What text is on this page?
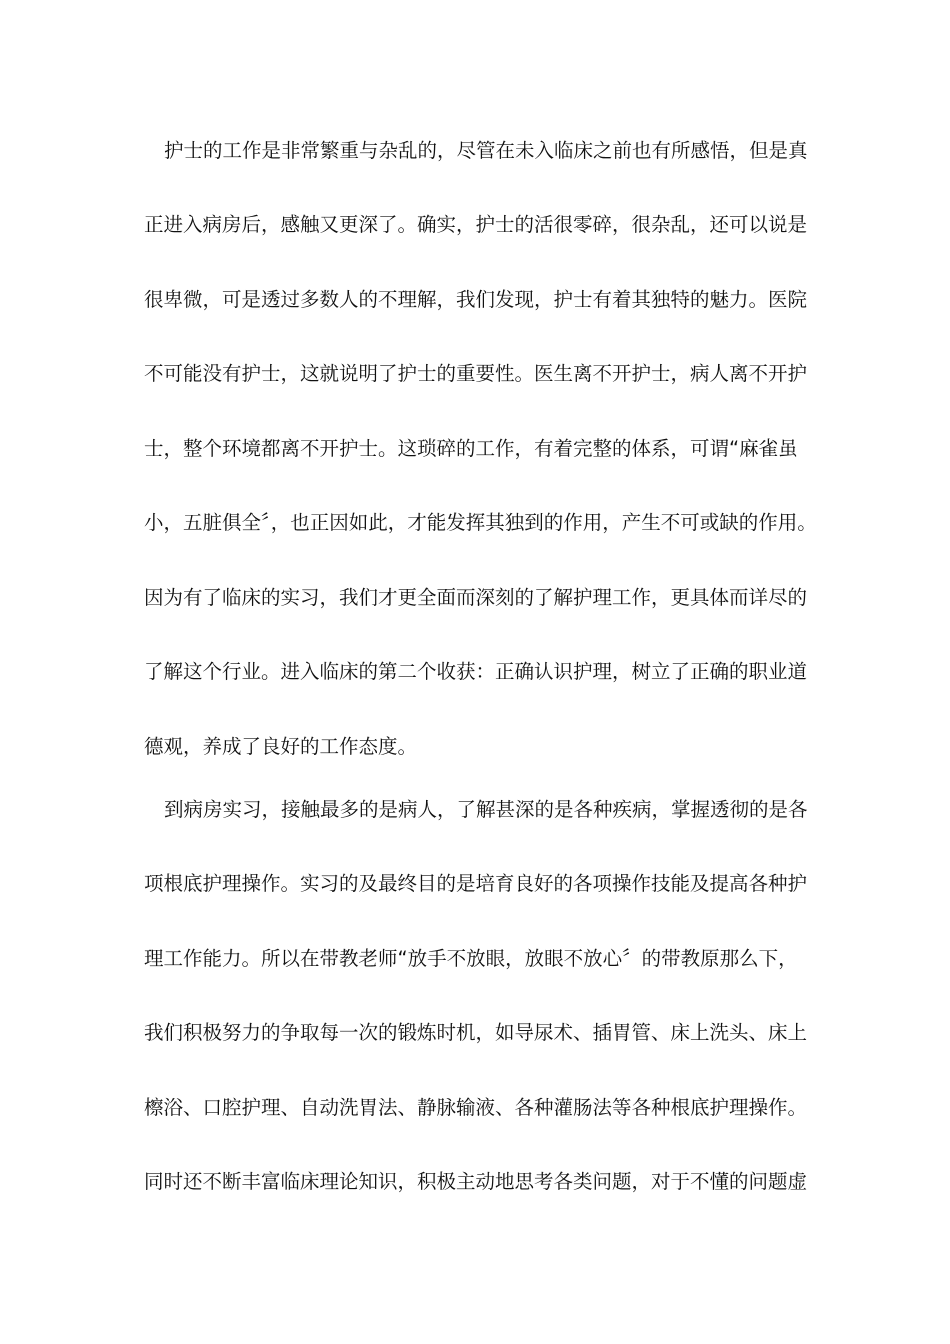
护士的工作是非常繁重与杂乱的，尽管在未入临床之前也有所感悟，但是真
正进入病房后，感触又更深了。确实，护士的活很零碎，很杂乱，还可以说是
很卑微，可是透过多数人的不理解，我们发现，护士有着其独特的魅力。医院
不可能没有护士，这就说明了护士的重要性。医生离不开护士，病人离不开护
士，整个环境都离不开护士。这琐碎的工作，有着完整的体系，可谓“麻雀虽
小，五脏俱全〞，也正因如此，才能发挥其独到的作用，产生不可或缺的作用。
因为有了临床的实习，我们才更全面而深刻的了解护理工作，更具体而详尽的
了解这个行业。进入临床的第二个收获：正确认识护理，树立了正确的职业道
德观，养成了良好的工作态度。
到病房实习，接触最多的是病人，了解甚深的是各种疾病，掌握透彻的是各
项根底护理操作。实习的及最终目的是培育良好的各项操作技能及提高各种护
理工作能力。所以在带教老师“放手不放眼，放眼不放心〞的带教原那么下，
我们积极努力的争取每一次的锻炼时机，如导尿术、插胃管、床上洗头、床上
檫浴、口腔护理、自动洗胃法、静脉输液、各种灌肠法等各种根底护理操作。
同时还不断丰富临床理论知识，积极主动地思考各类问题，对于不懂的问题虚
